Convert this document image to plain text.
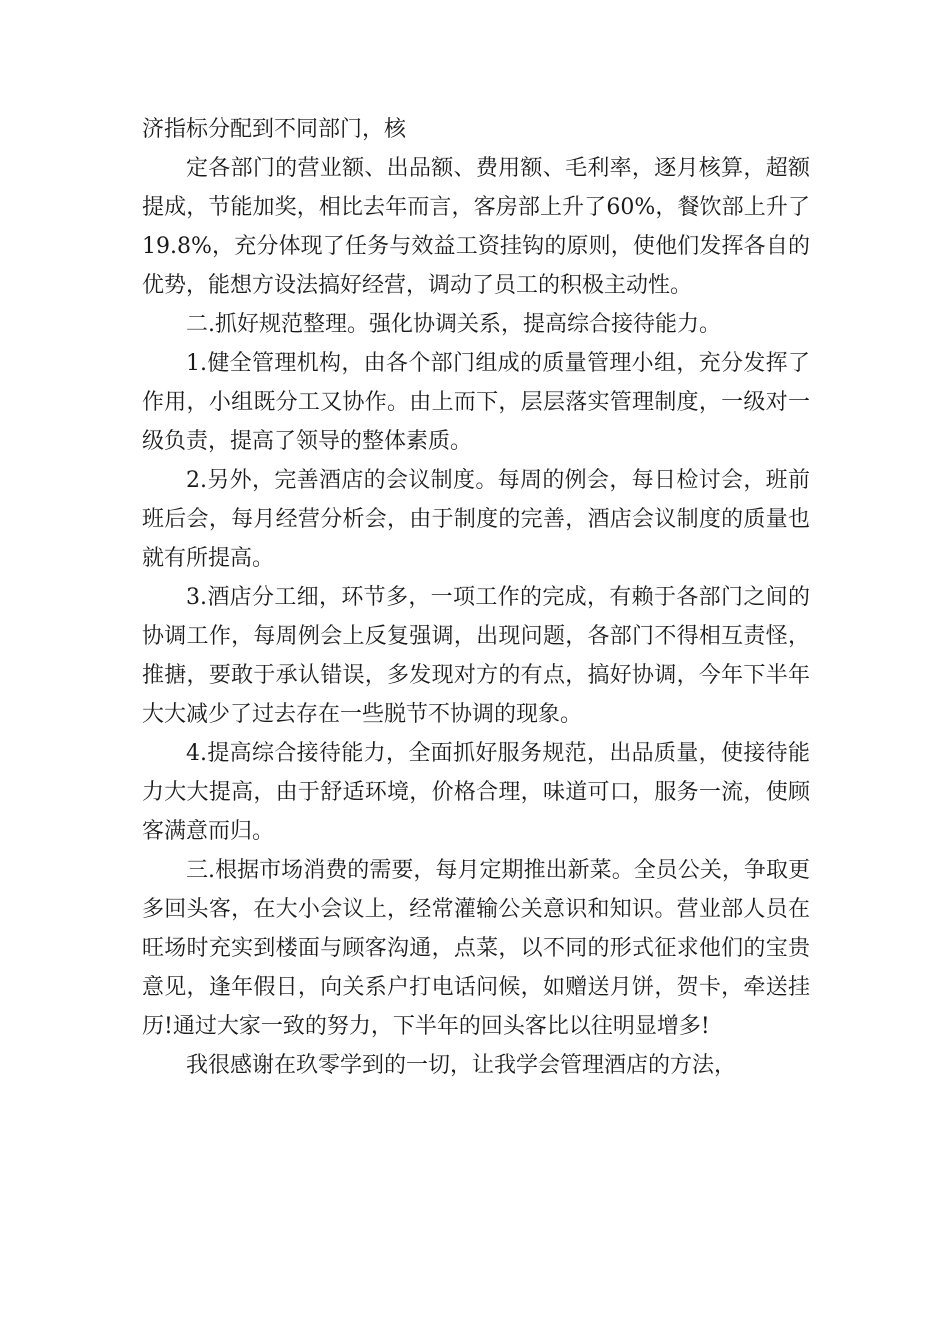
济指标分配到不同部门，核

定各部门的营业额、出品额、费用额、毛利率，逐月核算，超额提成，节能加奖，相比去年而言，客房部上升了60%，餐饮部上升了19.8%，充分体现了任务与效益工资挂钩的原则，使他们发挥各自的优势，能想方设法搞好经营，调动了员工的积极主动性。

二.抓好规范整理。强化协调关系，提高综合接待能力。

1.健全管理机构，由各个部门组成的质量管理小组，充分发挥了作用，小组既分工又协作。由上而下，层层落实管理制度，一级对一级负责，提高了领导的整体素质。

2.另外，完善酒店的会议制度。每周的例会，每日检讨会，班前班后会，每月经营分析会，由于制度的完善，酒店会议制度的质量也就有所提高。

3.酒店分工细，环节多，一项工作的完成，有赖于各部门之间的协调工作，每周例会上反复强调，出现问题，各部门不得相互责怪，推搪，要敢于承认错误，多发现对方的有点，搞好协调，今年下半年大大减少了过去存在一些脱节不协调的现象。

4.提高综合接待能力，全面抓好服务规范，出品质量，使接待能力大大提高，由于舒适环境，价格合理，味道可口，服务一流，使顾客满意而归。

三.根据市场消费的需要，每月定期推出新菜。全员公关，争取更多回头客，在大小会议上，经常灌输公关意识和知识。营业部人员在旺场时充实到楼面与顾客沟通，点菜，以不同的形式征求他们的宝贵意见，逢年假日，向关系户打电话问候，如赠送月饼，贺卡，牵送挂历!通过大家一致的努力，下半年的回头客比以往明显增多!

我很感谢在玖零学到的一切，让我学会管理酒店的方法，
